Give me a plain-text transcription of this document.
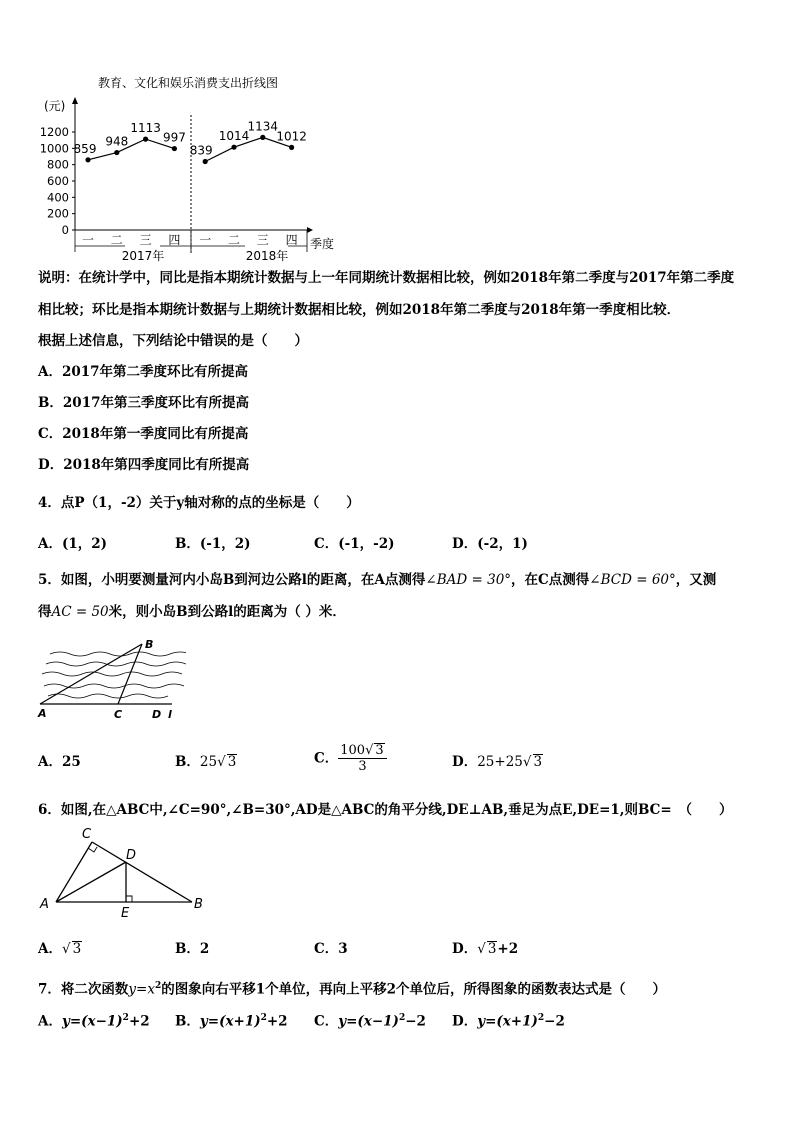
教育、文化和娱乐消费支出折线图
(元)
0
200
400
600
800
1000
1200
859
948
1113
997
839
1014
1134
1012
一 二 三 四 一 二 三 四 季度
2017年	2018年
说明：在统计学中，同比是指本期统计数据与上一年同期统计数据相比较，例如2018年第二季度与2017年第二季度
相比较；环比是指本期统计数据与上期统计数据相比较，例如2018年第二季度与2018年第一季度相比较．
根据上述信息，下列结论中错误的是（　　）
A．2017年第二季度环比有所提高
B．2017年第三季度环比有所提高
C．2018年第一季度同比有所提高
D．2018年第四季度同比有所提高
4．点P（1，-2）关于y轴对称的点的坐标是（　　）
A．(1，2)	B．(-1，2)	C．(-1，-2)	D．(-2，1)
5．如图，小明要测量河内小岛B到河边公路l的距离，在A点测得∠BAD = 30°，在C点测得∠BCD = 60°，又测
得AC = 50米，则小岛B到公路l的距离为（ ）米．
B
A	C	D l
A．25	B．25√ 3	C． $\frac{100√ 3}{3}$	D．25+25√ 3
6．如图,在△ABC中,∠C=90°,∠B=30°,AD是△ABC的角平分线,DE⊥AB,垂足为点E,DE=1,则BC=　（　　）
C
D
A
E
B
A．√ 3	B．2	C．3	D．√ 3+2
7．将二次函数$y=x^2$的图象向右平移1个单位，再向上平移2个单位后，所得图象的函数表达式是（　　）
A．$y=(x-1)^2+2$ B．$y=(x+1)^2+2$ C．$y=(x-1)^2-2$ D．$y=(x+1)^2-2$
